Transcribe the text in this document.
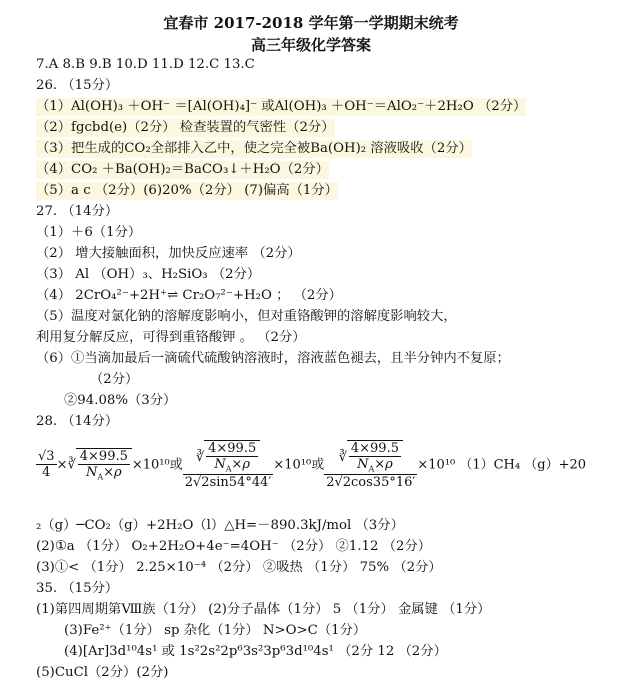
宜春市 2017-2018 学年第一学期期末统考
高三年级化学答案
7.A 8.B 9.B 10.D 11.D 12.C 13.C
26. （15分）
（1）Al(OH)₃ ＋OH⁻ ＝[Al(OH)₄]⁻ 或Al(OH)₃ ＋OH⁻＝AlO₂⁻＋2H₂O （2分）
（2）fgcbd(e)（2分） 检查装置的气密性（2分）
（3）把生成的CO₂全部排入乙中，使之完全被Ba(OH)₂ 溶液吸收（2分）
（4）CO₂ ＋Ba(OH)₂＝BaCO₃↓＋H₂O（2分）
（5）a c （2分）(6)20%（2分） (7)偏高（1分）
27. （14分）
（1）＋6（1分）
（2） 增大接触面积，加快反应速率 （2分）
（3） Al （OH）₃、H₂SiO₃ （2分）
（4） 2CrO₄²⁻+2H⁺⇌ Cr₂O₇²⁻+H₂O ； （2分）
（5）温度对氯化钠的溶解度影响小，但对重铬酸钾的溶解度影响较大，
利用复分解反应，可得到重铬酸钾 。 （2分）
（6）①当滴加最后一滴硫代硫酸钠溶液时，溶液蓝色褪去，且半分钟内不复原；
（2分）
②94.08%（3分）
28. （14分）
$\frac{√3}{4}$ ×∛ $\frac{4\times 99.5}{N_A\times\rho} \times 10^{10}$或 $\frac{∛ \frac{4\times 99.5}{N_A\times\rho}}{2√2\sin 54^\circ 44'} \times 10^{10}$或 $\frac{∛ \frac{4\times 99.5}{N_A\times\rho}}{2√2\cos 35^\circ 16'} \times 10^{10}$ （1）CH₄ （g）+20
₂（g）─CO₂（g）+2H₂O（l）△H=－890.3kJ/mol （3分）
(2)①a （1分） O₂+2H₂O+4e⁻=4OH⁻ （2分） ②1.12 （2分）
(3)①< （1分） 2.25×10⁻⁴ （2分） ②吸热 （1分） 75% （2分）
35. （15分）
(1)第四周期第Ⅷ族（1分） (2)分子晶体（1分） 5 （1分） 金属键 （1分）
(3)Fe²⁺（1分） sp 杂化（1分） N>O>C（1分）
(4)[Ar]3d¹⁰4s¹ 或 1s²2s²2p⁶3s²3p⁶3d¹⁰4s¹ （2分 12 （2分）
(5)CuCl（2分）(2分)
